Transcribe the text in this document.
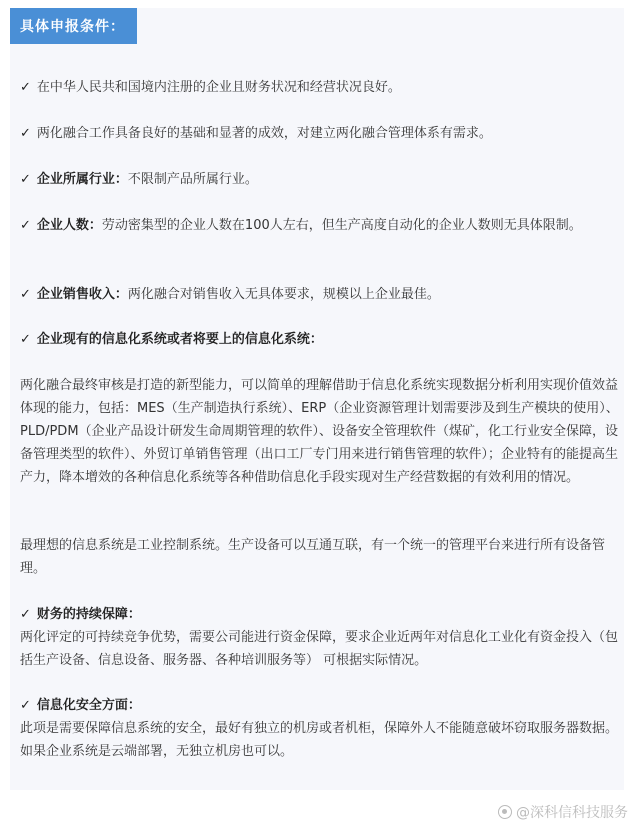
具体申报条件：
✓ 在中华人民共和国境内注册的企业且财务状况和经营状况良好。
✓ 两化融合工作具备良好的基础和显著的成效，对建立两化融合管理体系有需求。
✓ 企业所属行业：不限制产品所属行业。
✓ 企业人数：劳动密集型的企业人数在100人左右，但生产高度自动化的企业人数则无具体限制。
✓ 企业销售收入：两化融合对销售收入无具体要求，规模以上企业最佳。
✓ 企业现有的信息化系统或者将要上的信息化系统：
两化融合最终审核是打造的新型能力，可以简单的理解借助于信息化系统实现数据分析利用实现价值效益体现的能力，包括：MES（生产制造执行系统）、ERP（企业资源管理计划需要涉及到生产模块的使用）、PLD/PDM（企业产品设计研发生命周期管理的软件）、设备安全管理软件（煤矿，化工行业安全保障，设备管理类型的软件）、外贸订单销售管理（出口工厂专门用来进行销售管理的软件）；企业特有的能提高生产力，降本增效的各种信息化系统等各种借助信息化手段实现对生产经营数据的有效利用的情况。
最理想的信息系统是工业控制系统。生产设备可以互通互联，有一个统一的管理平台来进行所有设备管理。
✓ 财务的持续保障：
两化评定的可持续竞争优势，需要公司能进行资金保障，要求企业近两年对信息化工业化有资金投入（包括生产设备、信息设备、服务器、各种培训服务等） 可根据实际情况。
✓ 信息化安全方面：
此项是需要保障信息系统的安全，最好有独立的机房或者机柜，保障外人不能随意破坏窃取服务器数据。如果企业系统是云端部署，无独立机房也可以。
@深科信科技服务
